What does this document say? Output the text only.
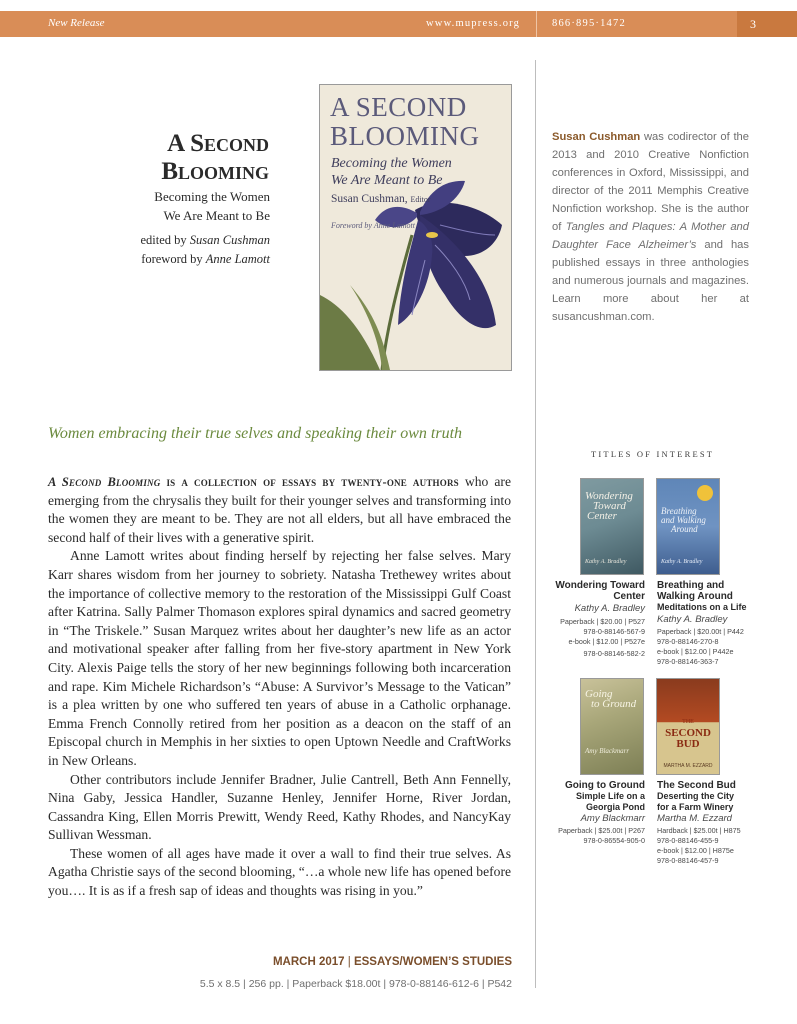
New Release	www.mupress.org	866·895·1472	3
A Second
Blooming
Becoming the Women
We Are Meant to Be
edited by Susan Cushman
foreword by Anne Lamott
A SECOND
BLOOMING
Becoming the Women
We Are Meant to Be
Susan Cushman, Editor
Foreword by Anne Lamott
Susan Cushman was codirector of the 2013 and 2010 Creative Nonfiction conferences in Oxford, Mississippi, and director of the 2011 Memphis Creative Nonfiction workshop. She is the author of Tangles and Plaques: A Mother and Daughter Face Alzheimer’s and has published essays in three anthologies and numerous journals and magazines. Learn more about her at susancushman.com.
Women embracing their true selves and speaking their own truth

A Second Blooming is a collection of essays by twenty-one authors who are emerging from the chrysalis they built for their younger selves and transforming into the women they are meant to be. They are not all elders, but all have embraced the second half of their lives with a generative spirit.

Anne Lamott writes about finding herself by rejecting her false selves. Mary Karr shares wisdom from her journey to sobriety. Natasha Trethewey writes about the importance of collective memory to the restoration of the Mississippi Gulf Coast after Katrina. Sally Palmer Thomason explores spiral dynamics and sacred geometry in “The Triskele.” Susan Marquez writes about her daughter’s new life as an actor and motivational speaker after falling from her five-story apartment in New York City. Alexis Paige tells the story of her new beginnings following both incarceration and rape. Kim Michele Richardson’s “Abuse: A Survivor’s Message to the Vatican” is a plea written by one who suffered ten years of abuse in a Catholic orphanage. Emma French Connolly retired from her position as a deacon on the staff of an Episcopal church in Memphis in her sixties to open Uptown Needle and CraftWorks in New Orleans.

Other contributors include Jennifer Bradner, Julie Cantrell, Beth Ann Fennelly, Nina Gaby, Jessica Handler, Suzanne Henley, Jennifer Horne, River Jordan, Cassandra King, Ellen Morris Prewitt, Wendy Reed, Kathy Rhodes, and NancyKay Sullivan Wessman.

These women of all ages have made it over a wall to find their true selves. As Agatha Christie says of the second blooming, “…a whole new life has opened before you…. It is as if a fresh sap of ideas and thoughts was rising in you.”

MARCH 2017 | ESSAYS/WOMEN’S STUDIES
5.5 x 8.5 | 256 pp. | Paperback $18.00t | 978-0-88146-612-6 | P542
TITLES OF INTEREST
Wondering
Toward
Center
Kathy A. Bradley
Breathing
and Walking
Around
Kathy A. Bradley
Wondering Toward
Center
Kathy A. Bradley
Paperback | $20.00 | P527
978-0-88146-567-9
e-book | $12.00 | P527e
978-0-88146-582-2
Breathing and
Walking Around
Meditations on a Life
Kathy A. Bradley
Paperback | $20.00t | P442
978-0-88146-270-8
e-book | $12.00 | P442e
978-0-88146-363-7
Going
to Ground
Amy Blackmarr
THE
SECOND
BUD
MARTHA M. EZZARD
Going to Ground
Simple Life on a
Georgia Pond
Amy Blackmarr
Paperback | $25.00t | P267
978-0-86554-905-0
The Second Bud
Deserting the City
for a Farm Winery
Martha M. Ezzard
Hardback | $25.00t | H875
978-0-88146-455-9
e-book | $12.00 | H875e
978-0-88146-457-9
